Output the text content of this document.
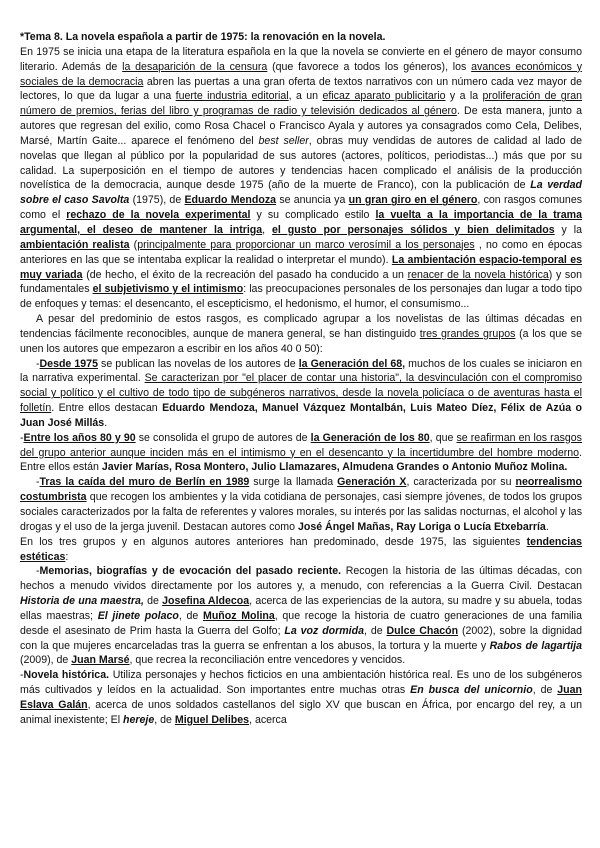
*Tema 8. La novela española a partir de 1975: la renovación en la novela.

En 1975 se inicia una etapa de la literatura española en la que la novela se convierte en el género de mayor consumo literario. Además de la desaparición de la censura (que favorece a todos los géneros), los avances económicos y sociales de la democracia abren las puertas a una gran oferta de textos narrativos con un número cada vez mayor de lectores, lo que da lugar a una fuerte industria editorial, a un eficaz aparato publicitario y a la proliferación de gran número de premios, ferias del libro y programas de radio y televisión dedicados al género. De esta manera, junto a autores que regresan del exilio, como Rosa Chacel o Francisco Ayala y autores ya consagrados como Cela, Delibes, Marsé, Martín Gaite... aparece el fenómeno del best seller, obras muy vendidas de autores de calidad al lado de novelas que llegan al público por la popularidad de sus autores (actores, políticos, periodistas...) más que por su calidad. La superposición en el tiempo de autores y tendencias hacen complicado el análisis de la producción novelística de la democracia, aunque desde 1975 (año de la muerte de Franco), con la publicación de La verdad sobre el caso Savolta (1975), de Eduardo Mendoza se anuncia ya un gran giro en el género, con rasgos comunes como el rechazo de la novela experimental y su complicado estilo la vuelta a la importancia de la trama argumental, el deseo de mantener la intriga, el gusto por personajes sólidos y bien delimitados y la ambientación realista (principalmente para proporcionar un marco verosímil a los personajes , no como en épocas anteriores en las que se intentaba explicar la realidad o interpretar el mundo). La ambientación espacio-temporal es muy variada (de hecho, el éxito de la recreación del pasado ha conducido a un renacer de la novela histórica) y son fundamentales el subjetivismo y el intimismo: las preocupaciones personales de los personajes dan lugar a todo tipo de enfoques y temas: el desencanto, el escepticismo, el hedonismo, el humor, el consumismo...

A pesar del predominio de estos rasgos, es complicado agrupar a los novelistas de las últimas décadas en tendencias fácilmente reconocibles, aunque de manera general, se han distinguido tres grandes grupos (a los que se unen los autores que empezaron a escribir en los años 40 0 50):

-Desde 1975 se publican las novelas de los autores de la Generación del 68, muchos de los cuales se iniciaron en la narrativa experimental. Se caracterizan por "el placer de contar una historia", la desvinculación con el compromiso social y político y el cultivo de todo tipo de subgéneros narrativos, desde la novela policíaca o de aventuras hasta el folletín. Entre ellos destacan Eduardo Mendoza, Manuel Vázquez Montalbán, Luis Mateo Díez, Félix de Azúa o Juan José Millás.

-Entre los años 80 y 90 se consolida el grupo de autores de la Generación de los 80, que se reafirman en los rasgos del grupo anterior aunque inciden más en el intimismo y en el desencanto y la incertidumbre del hombre moderno. Entre ellos están Javier Marías, Rosa Montero, Julio Llamazares, Almudena Grandes o Antonio Muñoz Molina.

-Tras la caída del muro de Berlín en 1989 surge la llamada Generación X, caracterizada por su neorrealismo costumbrista que recogen los ambientes y la vida cotidiana de personajes, casi siempre jóvenes, de todos los grupos sociales caracterizados por la falta de referentes y valores morales, su interés por las salidas nocturnas, el alcohol y las drogas y el uso de la jerga juvenil. Destacan autores como José Ángel Mañas, Ray Loriga o Lucía Etxebarría.

En los tres grupos y en algunos autores anteriores han predominado, desde 1975, las siguientes tendencias estéticas:

-Memorias, biografías y de evocación del pasado reciente. Recogen la historia de las últimas décadas, con hechos a menudo vividos directamente por los autores y, a menudo, con referencias a la Guerra Civil. Destacan Historia de una maestra, de Josefina Aldecoa, acerca de las experiencias de la autora, su madre y su abuela, todas ellas maestras; El jinete polaco, de Muñoz Molina, que recoge la historia de cuatro generaciones de una familia desde el asesinato de Prim hasta la Guerra del Golfo; La voz dormida, de Dulce Chacón (2002), sobre la dignidad con la que mujeres encarceladas tras la guerra se enfrentan a los abusos, la tortura y la muerte y Rabos de lagartija (2009), de Juan Marsé, que recrea la reconciliación entre vencedores y vencidos.

-Novela histórica. Utiliza personajes y hechos ficticios en una ambientación histórica real. Es uno de los subgéneros más cultivados y leídos en la actualidad. Son importantes entre muchas otras En busca del unicornio, de Juan Eslava Galán, acerca de unos soldados castellanos del siglo XV que buscan en África, por encargo del rey, a un animal inexistente; El hereje, de Miguel Delibes, acerca
